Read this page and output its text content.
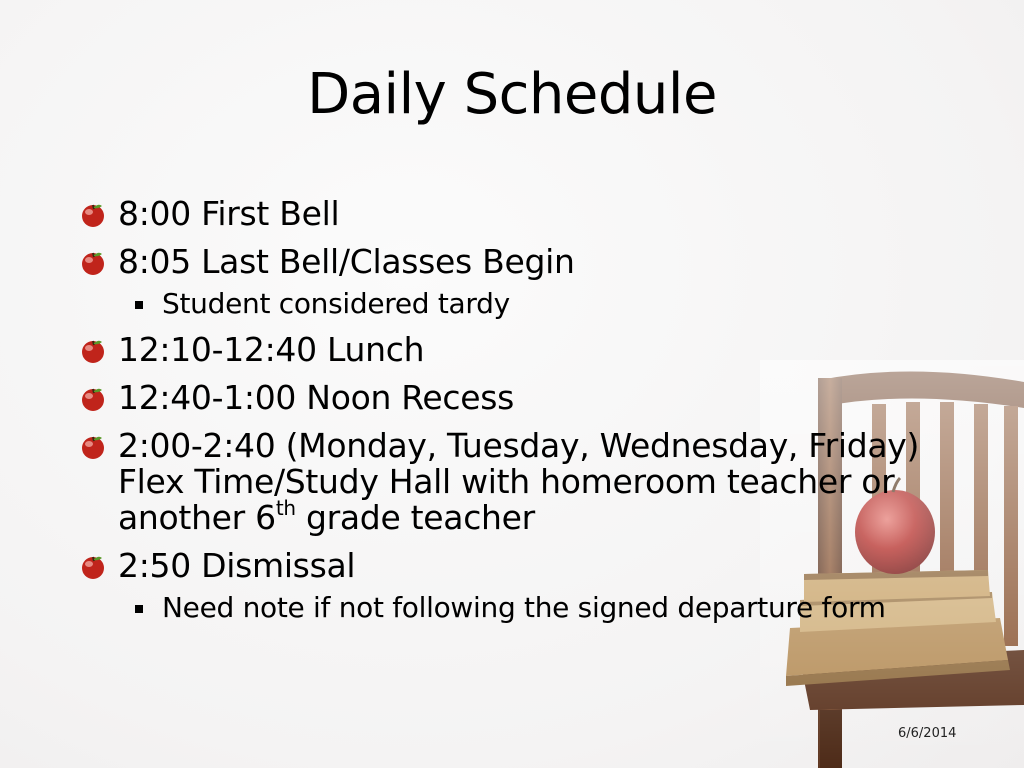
Daily Schedule
8:00 First Bell
8:05 Last Bell/Classes Begin
Student considered tardy
12:10-12:40 Lunch
12:40-1:00 Noon Recess
2:00-2:40 (Monday, Tuesday, Wednesday, Friday) Flex Time/Study Hall with homeroom teacher or another 6th grade teacher
2:50 Dismissal
Need note if not following the signed departure form
6/6/2014
